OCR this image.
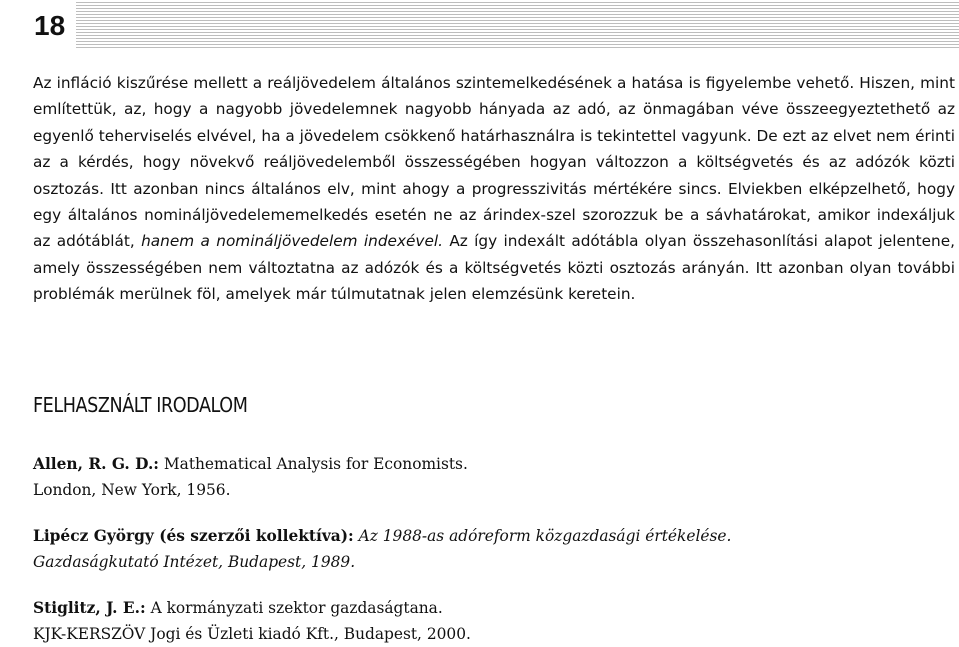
18

Az infláció kiszűrése mellett a reáljövedelem általános szintemelkedésének a hatása is figyelembe vehető. Hiszen, mint említettük, az, hogy a nagyobb jövedelemnek nagyobb hányada az adó, az önmagában véve összeegyeztethető az egyenlő teherviselés elvével, ha a jövedelem csökkenő határhasználra is tekintettel vagyunk. De ezt az elvet nem érinti az a kérdés, hogy növekvő reáljövedelemből összességében hogyan változzon a költségvetés és az adózók közti osztozás. Itt azonban nincs általános elv, mint ahogy a progresszivitás mértékére sincs. Elviekben elképzelhető, hogy egy általános nomináljövedelememelkedés esetén ne az árindex-szel szorozzuk be a sávhatárokat, amikor indexáljuk az adótáblát, hanem a nomináljövedelem indexével. Az így indexált adótábla olyan összehasonlítási alapot jelentene, amely összességében nem változtatna az adózók és a költségvetés közti osztozás arányán. Itt azonban olyan további problémák merülnek föl, amelyek már túlmutatnak jelen elemzésünk keretein.

FELHASZNÁLT IRODALOM
Allen, R. G. D.: Mathematical Analysis for Economists.
London, New York, 1956.
Lipécz György (és szerzői kollektíva): Az 1988-as adóreform közgazdasági értékelése.
Gazdaságkutató Intézet, Budapest, 1989.
Stiglitz, J. E.: A kormányzati szektor gazdaságtana.
KJK-KERSZÖV Jogi és Üzleti kiadó Kft., Budapest, 2000.
